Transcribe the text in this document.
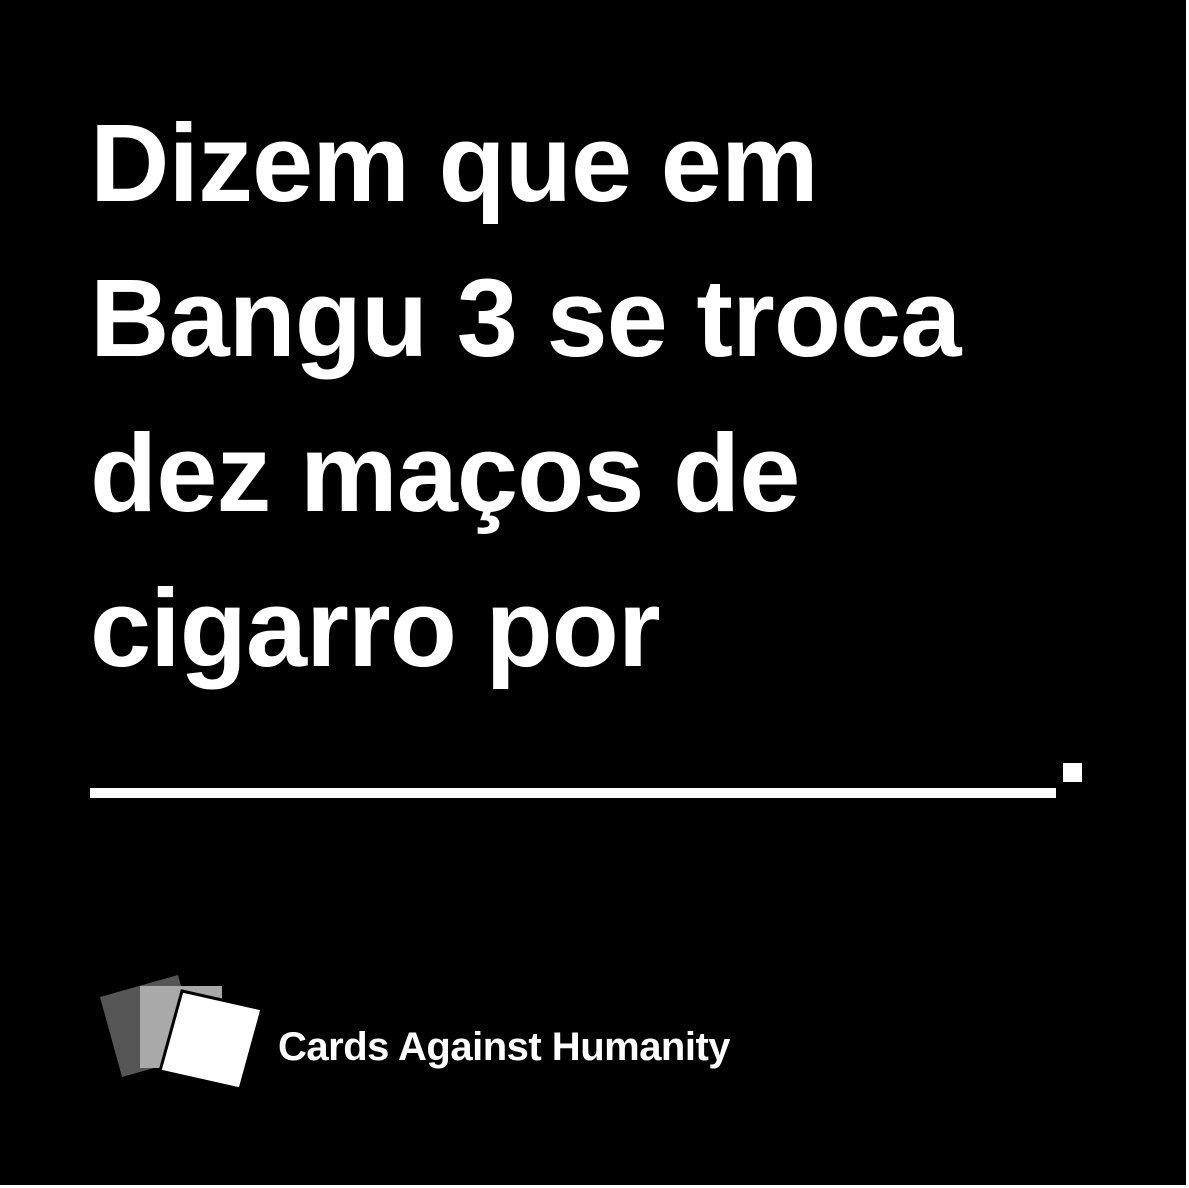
Dizem que em
Bangu 3 se troca
dez maços de
cigarro por

Cards Against Humanity
